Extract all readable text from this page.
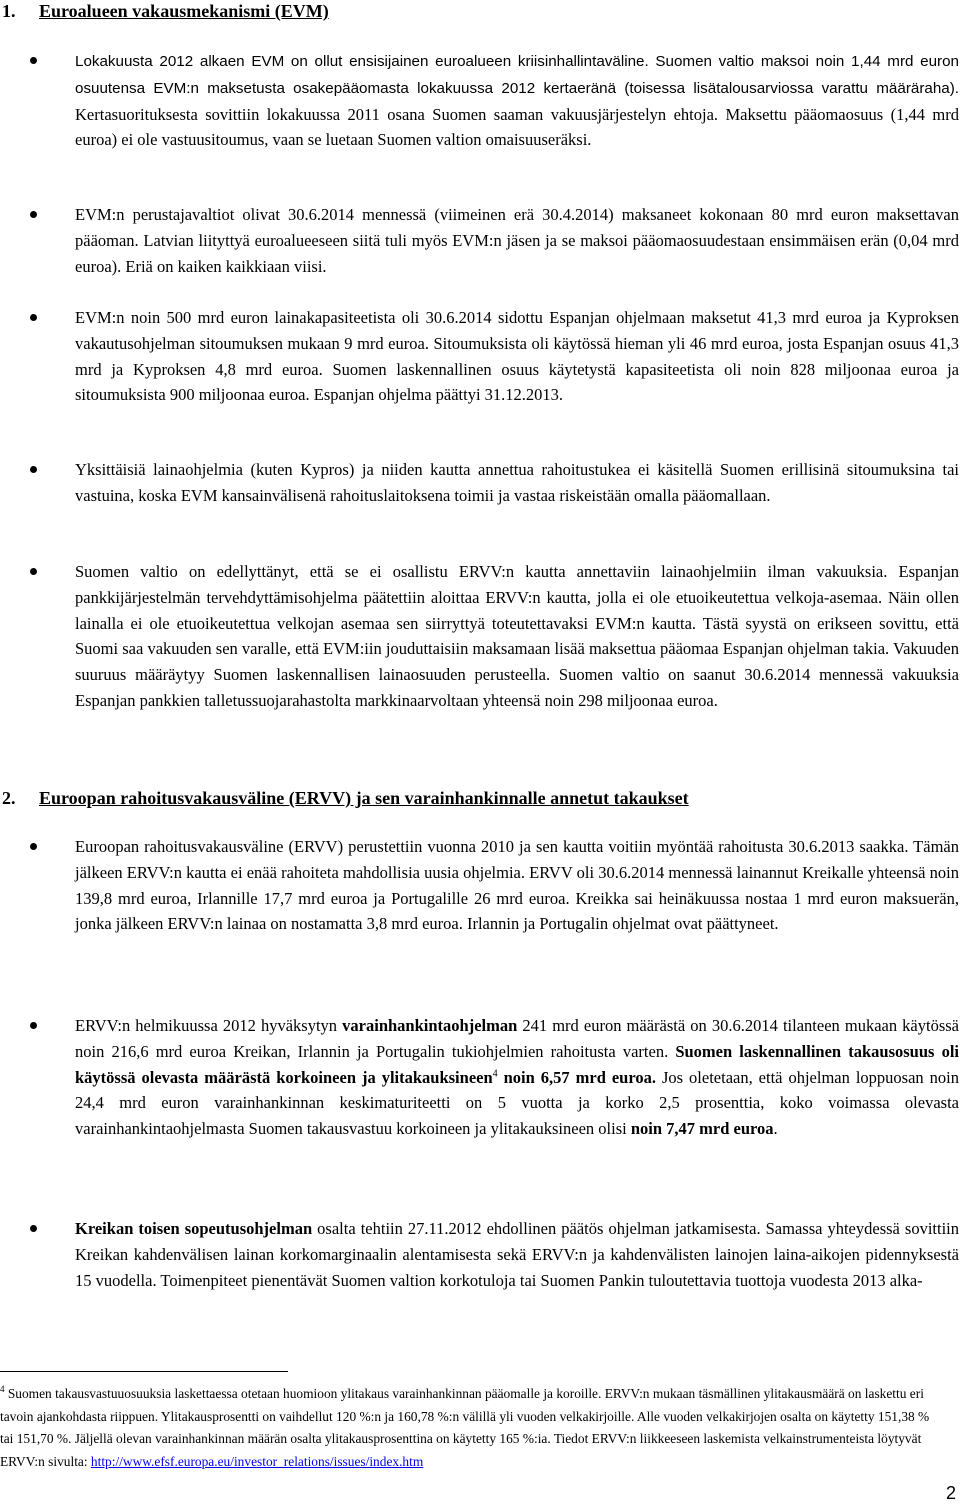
1. Euroalueen vakausmekanismi (EVM)

Lokakuusta 2012 alkaen EVM on ollut ensisijainen euroalueen kriisinhallintaväline. Suomen valtio maksoi noin 1,44 mrd euron osuutensa EVM:n maksetusta osakepääomasta lokakuussa 2012 kertaeränä (toisessa lisätalousarviossa varattu määräraha). Kertasuorituksesta sovittiin lokakuussa 2011 osana Suomen saaman vakuusjärjestelyn ehtoja. Maksettu pääomaosuus (1,44 mrd euroa) ei ole vastuusitoumus, vaan se luetaan Suomen valtion omaisuuseräksi.

EVM:n perustajavaltiot olivat 30.6.2014 mennessä (viimeinen erä 30.4.2014) maksaneet kokonaan 80 mrd euron maksettavan pääoman. Latvian liityttyä euroalueeseen siitä tuli myös EVM:n jäsen ja se maksoi pääomaosuudestaan ensimmäisen erän (0,04 mrd euroa). Eriä on kaiken kaikkiaan viisi.

EVM:n noin 500 mrd euron lainakapasiteetista oli 30.6.2014 sidottu Espanjan ohjelmaan maksetut 41,3 mrd euroa ja Kyproksen vakautusohjelman sitoumuksen mukaan 9 mrd euroa. Sitoumuksista oli käytössä hieman yli 46 mrd euroa, josta Espanjan osuus 41,3 mrd ja Kyproksen 4,8 mrd euroa. Suomen laskennallinen osuus käytetystä kapasiteetista oli noin 828 miljoonaa euroa ja sitoumuksista 900 miljoonaa euroa. Espanjan ohjelma päättyi 31.12.2013.

Yksittäisiä lainaohjelmia (kuten Kypros) ja niiden kautta annettua rahoitustukea ei käsitellä Suomen erillisinä sitoumuksina tai vastuina, koska EVM kansainvälisenä rahoituslaitoksena toimii ja vastaa riskeistään omalla pääomallaan.

Suomen valtio on edellyttänyt, että se ei osallistu ERVV:n kautta annettaviin lainaohjelmiin ilman vakuuksia. Espanjan pankkijärjestelmän tervehdyttämisohjelma päätettiin aloittaa ERVV:n kautta, jolla ei ole etuoikeutettua velkoja-asemaa. Näin ollen lainalla ei ole etuoikeutettua velkojan asemaa sen siirryttyä toteutettavaksi EVM:n kautta. Tästä syystä on erikseen sovittu, että Suomi saa vakuuden sen varalle, että EVM:iin jouduttaisiin maksamaan lisää maksettua pääomaa Espanjan ohjelman takia. Vakuuden suuruus määräytyy Suomen laskennallisen lainaosuuden perusteella. Suomen valtio on saanut 30.6.2014 mennessä vakuuksia Espanjan pankkien talletussuojarahastolta markkinaarvoltaan yhteensä noin 298 miljoonaa euroa.

2. Euroopan rahoitusvakausväline (ERVV) ja sen varainhankinnalle annetut takaukset

Euroopan rahoitusvakausväline (ERVV) perustettiin vuonna 2010 ja sen kautta voitiin myöntää rahoitusta 30.6.2013 saakka. Tämän jälkeen ERVV:n kautta ei enää rahoiteta mahdollisia uusia ohjelmia. ERVV oli 30.6.2014 mennessä lainannut Kreikalle yhteensä noin 139,8 mrd euroa, Irlannille 17,7 mrd euroa ja Portugalille 26 mrd euroa. Kreikka sai heinäkuussa nostaa 1 mrd euron maksuerän, jonka jälkeen ERVV:n lainaa on nostamatta 3,8 mrd euroa. Irlannin ja Portugalin ohjelmat ovat päättyneet.

ERVV:n helmikuussa 2012 hyväksytyn varainhankintaohjelman 241 mrd euron määrästä on 30.6.2014 tilanteen mukaan käytössä noin 216,6 mrd euroa Kreikan, Irlannin ja Portugalin tukiohjelmien rahoitusta varten. Suomen laskennallinen takausosuus oli käytössä olevasta määrästä korkoineen ja ylitakauksineen$^4$ noin 6,57 mrd euroa. Jos oletetaan, että ohjelman loppuosan noin 24,4 mrd euron varainhankinnan keskimaturiteetti on 5 vuotta ja korko 2,5 prosenttia, koko voimassa olevasta varainhankintaohjelmasta Suomen takausvastuu korkoineen ja ylitakauksineen olisi noin 7,47 mrd euroa.

Kreikan toisen sopeutusohjelman osalta tehtiin 27.11.2012 ehdollinen päätös ohjelman jatkamisesta. Samassa yhteydessä sovittiin Kreikan kahdenvälisen lainan korkomarginaalin alentamisesta sekä ERVV:n ja kahdenvälisten lainojen laina-aikojen pidennyksestä 15 vuodella. Toimenpiteet pienentävät Suomen valtion korkotuloja tai Suomen Pankin tuloutettavia tuottoja vuodesta 2013 alka-

$^4$ Suomen takausvastuuosuuksia laskettaessa otetaan huomioon ylitakaus varainhankinnan pääomalle ja koroille. ERVV:n mukaan täsmällinen ylitakausmäärä on laskettu eri tavoin ajankohdasta riippuen. Ylitakausprosentti on vaihdellut 120 %:n ja 160,78 %:n välillä yli vuoden velkakirjoille. Alle vuoden velkakirjojen osalta on käytetty 151,38 % tai 151,70 %. Jäljellä olevan varainhankinnan määrän osalta ylitakausprosenttina on käytetty 165 %:ia. Tiedot ERVV:n liikkeeseen laskemista velkainstrumenteista löytyvät ERVV:n sivulta: http://www.efsf.europa.eu/investor_relations/issues/index.htm

2
